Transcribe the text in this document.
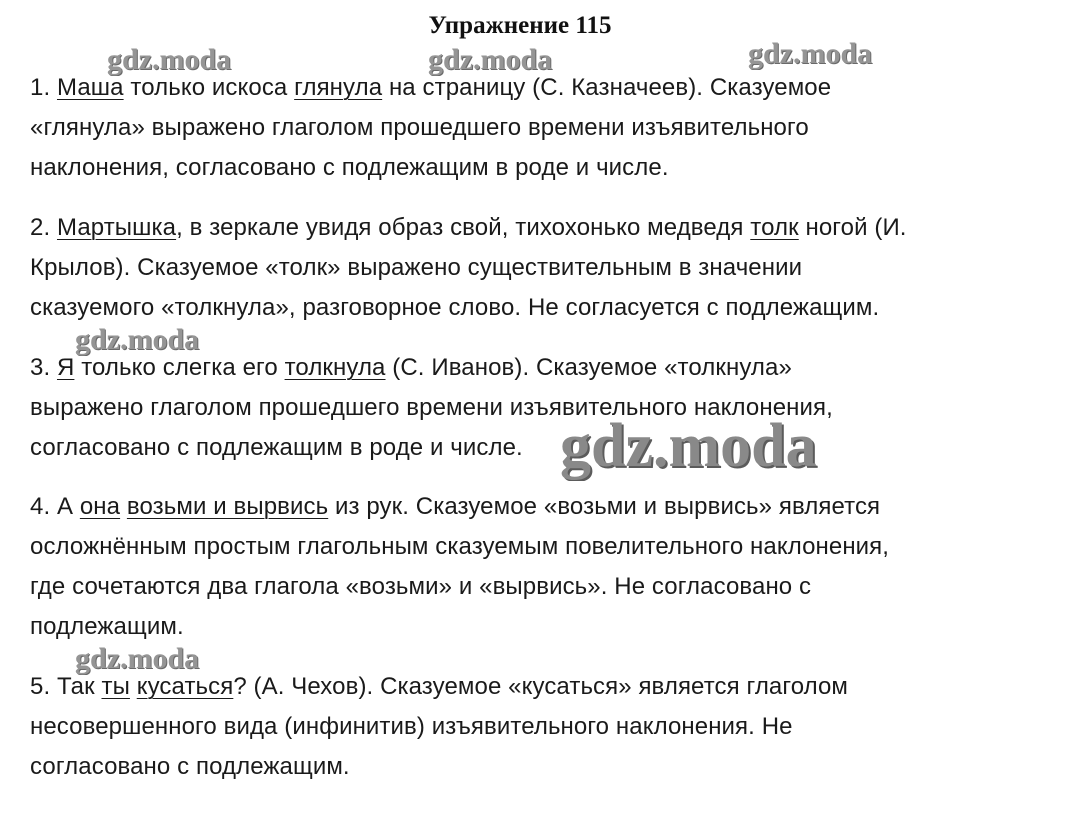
Упражнение 115
1. Маша только искоса глянула на страницу (С. Казначеев). Сказуемое
«глянула» выражено глаголом прошедшего времени изъявительного
наклонения, согласовано с подлежащим в роде и числе.
2. Мартышка, в зеркале увидя образ свой, тихохонько медведя толк ногой (И.
Крылов). Сказуемое «толк» выражено существительным в значении
сказуемого «толкнула», разговорное слово. Не согласуется с подлежащим.
3. Я только слегка его толкнула (С. Иванов). Сказуемое «толкнула»
выражено глаголом прошедшего времени изъявительного наклонения,
согласовано с подлежащим в роде и числе.
4. А она возьми и вырвись из рук. Сказуемое «возьми и вырвись» является
осложнённым простым глагольным сказуемым повелительного наклонения,
где сочетаются два глагола «возьми» и «вырвись». Не согласовано с
подлежащим.
5. Так ты кусаться? (А. Чехов). Сказуемое «кусаться» является глаголом
несовершенного вида (инфинитив) изъявительного наклонения. Не
согласовано с подлежащим.
gdz.moda	gdz.moda	gdz.moda
gdz.moda
gdz.moda
gdz.moda
